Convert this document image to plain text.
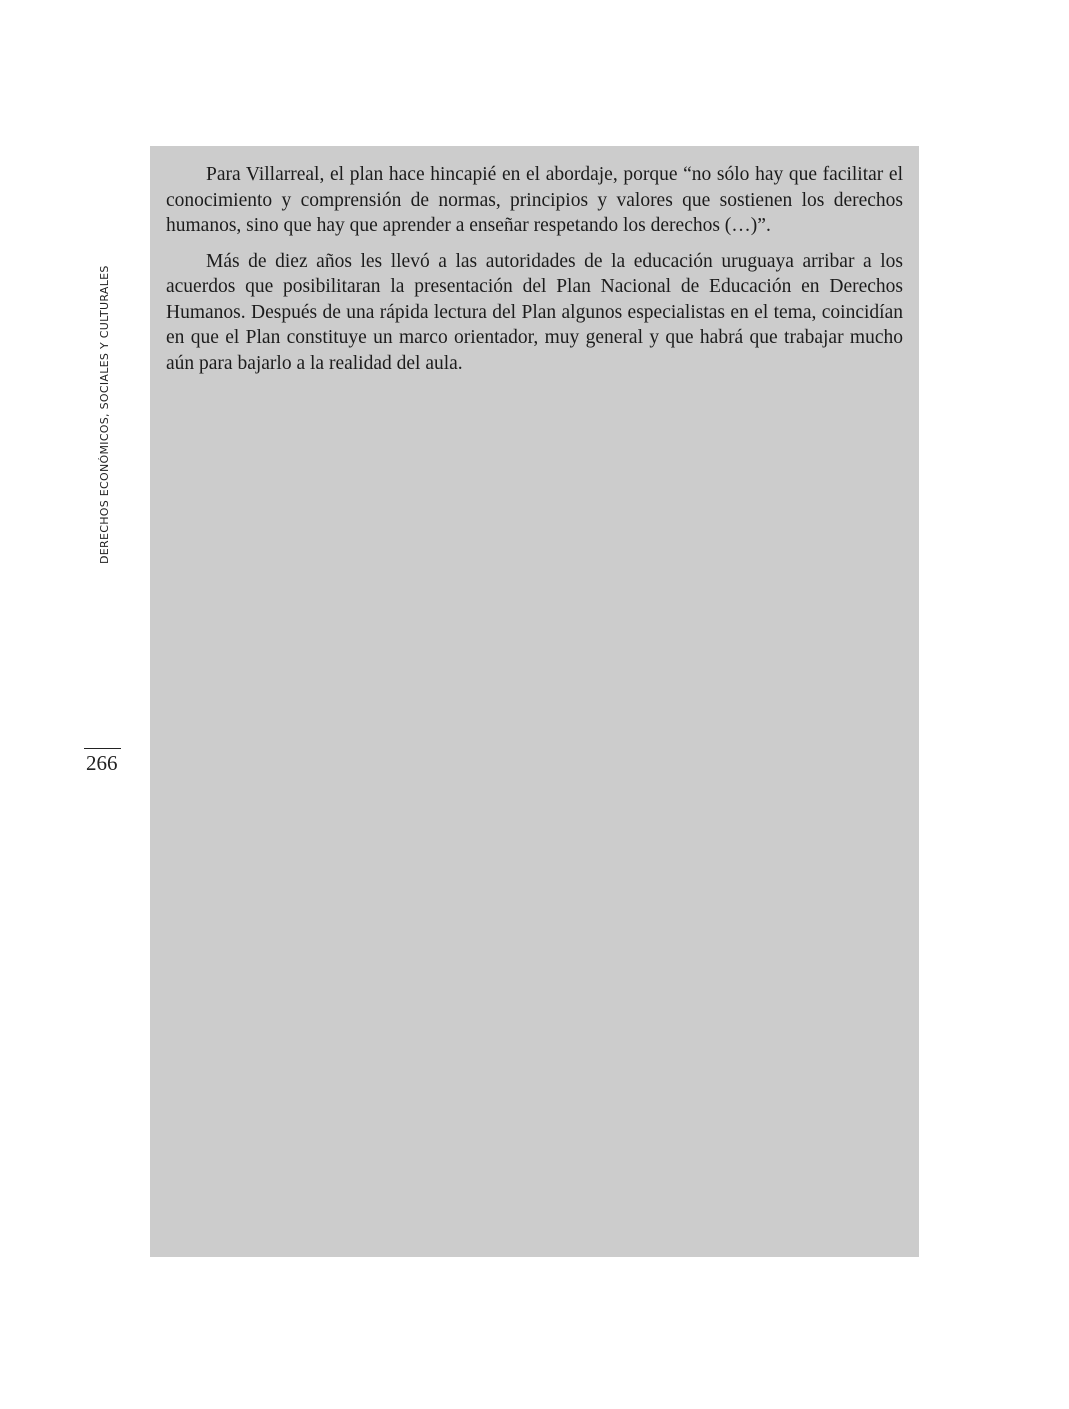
DERECHOS ECONÓMICOS, SOCIALES Y CULTURALES
266

Para Villarreal, el plan hace hincapié en el abordaje, porque “no sólo hay que facilitar el conocimiento y comprensión de normas, principios y valores que sostienen los derechos humanos, sino que hay que aprender a enseñar respetando los derechos (…)”.

Más de diez años les llevó a las autoridades de la educación uruguaya arribar a los acuerdos que posibilitaran la presentación del Plan Nacional de Educación en Derechos Humanos. Después de una rápida lectura del Plan algunos especialistas en el tema, coincidían en que el Plan constituye un marco orientador, muy general y que habrá que trabajar mucho aún para bajarlo a la realidad del aula.
